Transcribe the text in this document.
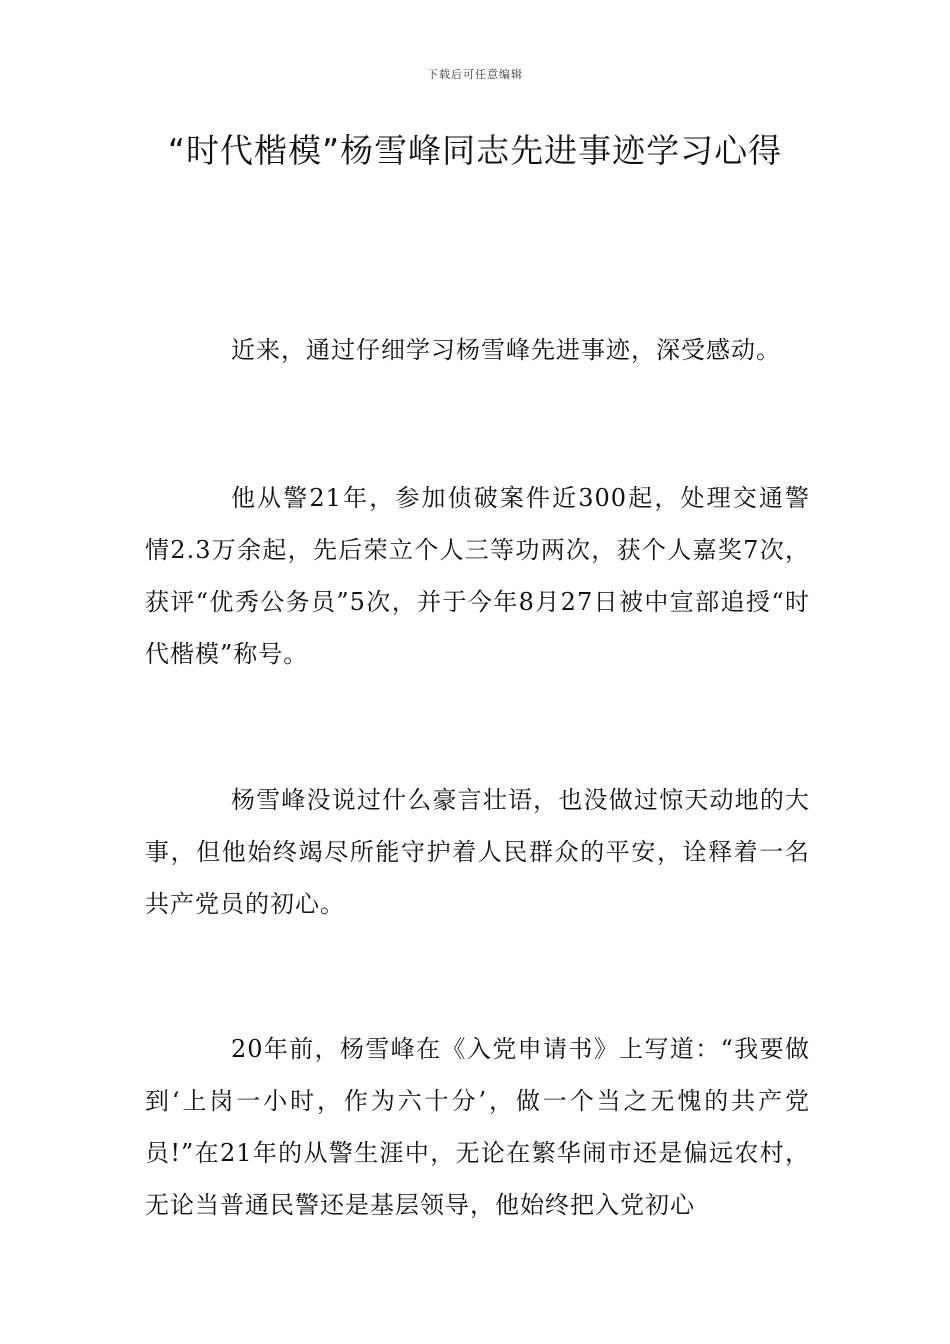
下载后可任意编辑
“时代楷模”杨雪峰同志先进事迹学习心得

近来，通过仔细学习杨雪峰先进事迹，深受感动。

他从警21年，参加侦破案件近300起，处理交通警情2.3万余起，先后荣立个人三等功两次，获个人嘉奖7次，获评“优秀公务员”5次，并于今年8月27日被中宣部追授“时代楷模”称号。

杨雪峰没说过什么豪言壮语，也没做过惊天动地的大事，但他始终竭尽所能守护着人民群众的平安，诠释着一名共产党员的初心。

20年前，杨雪峰在《入党申请书》上写道：“我要做到‘上岗一小时，作为六十分’，做一个当之无愧的共产党员!”在21年的从警生涯中，无论在繁华闹市还是偏远农村，无论当普通民警还是基层领导，他始终把入党初心
